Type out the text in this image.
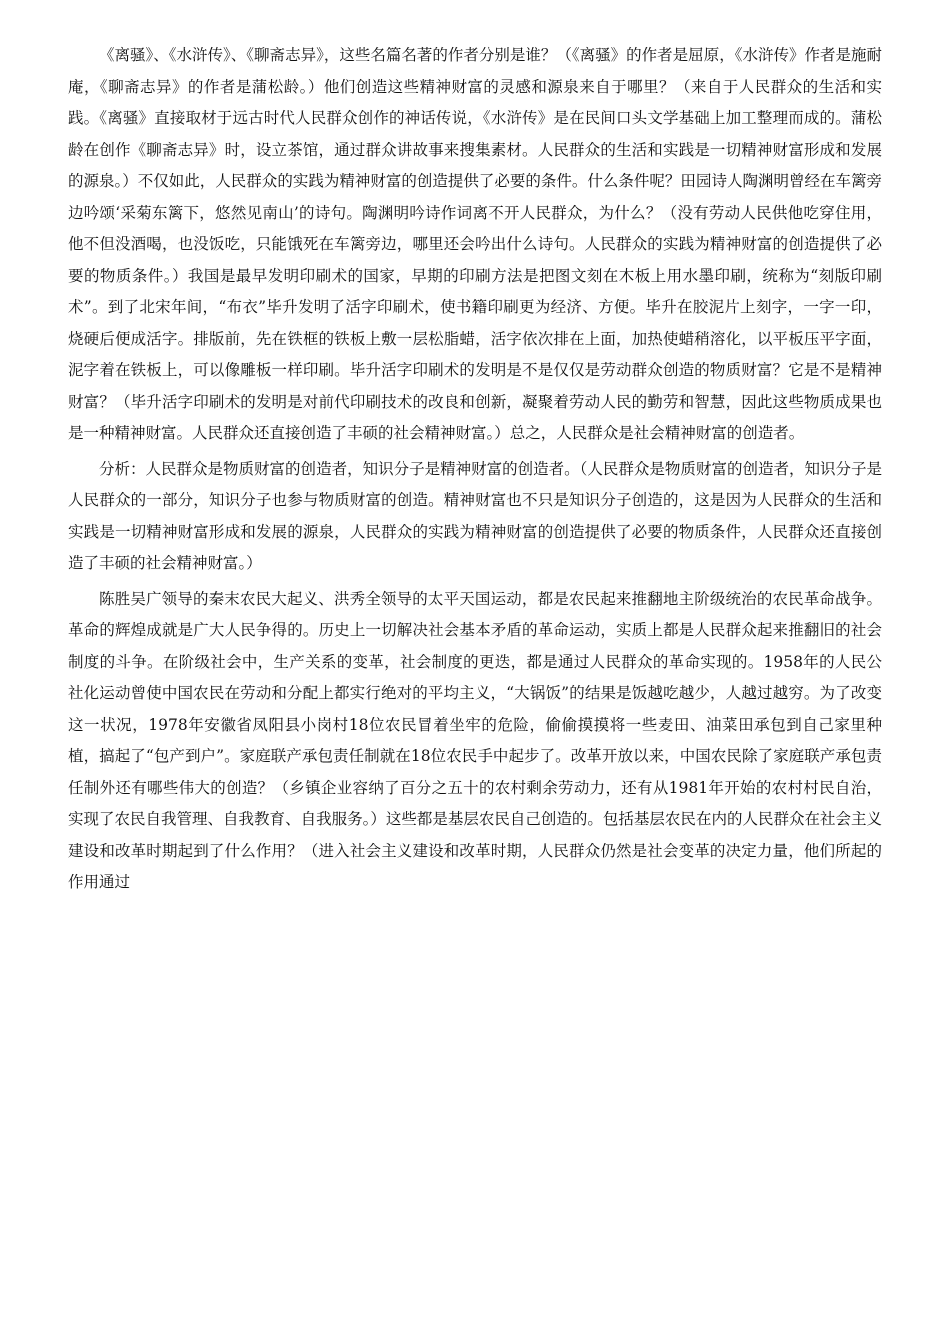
《离骚》、《水浒传》、《聊斋志异》，这些名篇名著的作者分别是谁？（《离骚》的作者是屈原，《水浒传》作者是施耐庵，《聊斋志异》的作者是蒲松龄。）他们创造这些精神财富的灵感和源泉来自于哪里？（来自于人民群众的生活和实践。《离骚》直接取材于远古时代人民群众创作的神话传说，《水浒传》是在民间口头文学基础上加工整理而成的。蒲松龄在创作《聊斋志异》时，设立茶馆，通过群众讲故事来搜集素材。人民群众的生活和实践是一切精神财富形成和发展的源泉。）不仅如此，人民群众的实践为精神财富的创造提供了必要的条件。什么条件呢？田园诗人陶渊明曾经在车篱旁边吟颂‘采菊东篱下，悠然见南山’的诗句。陶渊明吟诗作词离不开人民群众，为什么？（没有劳动人民供他吃穿住用，他不但没酒喝，也没饭吃，只能饿死在车篱旁边，哪里还会吟出什么诗句。人民群众的实践为精神财富的创造提供了必要的物质条件。）我国是最早发明印刷术的国家，早期的印刷方法是把图文刻在木板上用水墨印刷，统称为“刻版印刷术”。到了北宋年间，“布衣”毕升发明了活字印刷术，使书籍印刷更为经济、方便。毕升在胶泥片上刻字，一字一印，烧硬后便成活字。排版前，先在铁框的铁板上敷一层松脂蜡，活字依次排在上面，加热使蜡稍溶化，以平板压平字面，泥字着在铁板上，可以像雕板一样印刷。毕升活字印刷术的发明是不是仅仅是劳动群众创造的物质财富？它是不是精神财富？（毕升活字印刷术的发明是对前代印刷技术的改良和创新，凝聚着劳动人民的勤劳和智慧，因此这些物质成果也是一种精神财富。人民群众还直接创造了丰硕的社会精神财富。）总之，人民群众是社会精神财富的创造者。

分析：人民群众是物质财富的创造者，知识分子是精神财富的创造者。（人民群众是物质财富的创造者，知识分子是人民群众的一部分，知识分子也参与物质财富的创造。精神财富也不只是知识分子创造的，这是因为人民群众的生活和实践是一切精神财富形成和发展的源泉，人民群众的实践为精神财富的创造提供了必要的物质条件，人民群众还直接创造了丰硕的社会精神财富。）

陈胜吴广领导的秦末农民大起义、洪秀全领导的太平天国运动，都是农民起来推翻地主阶级统治的农民革命战争。革命的辉煌成就是广大人民争得的。历史上一切解决社会基本矛盾的革命运动，实质上都是人民群众起来推翻旧的社会制度的斗争。在阶级社会中，生产关系的变革，社会制度的更迭，都是通过人民群众的革命实现的。1958年的人民公社化运动曾使中国农民在劳动和分配上都实行绝对的平均主义，“大锅饭”的结果是饭越吃越少，人越过越穷。为了改变这一状况，1978年安徽省凤阳县小岗村18位农民冒着坐牢的危险，偷偷摸摸将一些麦田、油菜田承包到自己家里种植，搞起了“包产到户”。家庭联产承包责任制就在18位农民手中起步了。改革开放以来，中国农民除了家庭联产承包责任制外还有哪些伟大的创造？（乡镇企业容纳了百分之五十的农村剩余劳动力，还有从1981年开始的农村村民自治，实现了农民自我管理、自我教育、自我服务。）这些都是基层农民自己创造的。包括基层农民在内的人民群众在社会主义建设和改革时期起到了什么作用？（进入社会主义建设和改革时期，人民群众仍然是社会变革的决定力量，他们所起的作用通过
